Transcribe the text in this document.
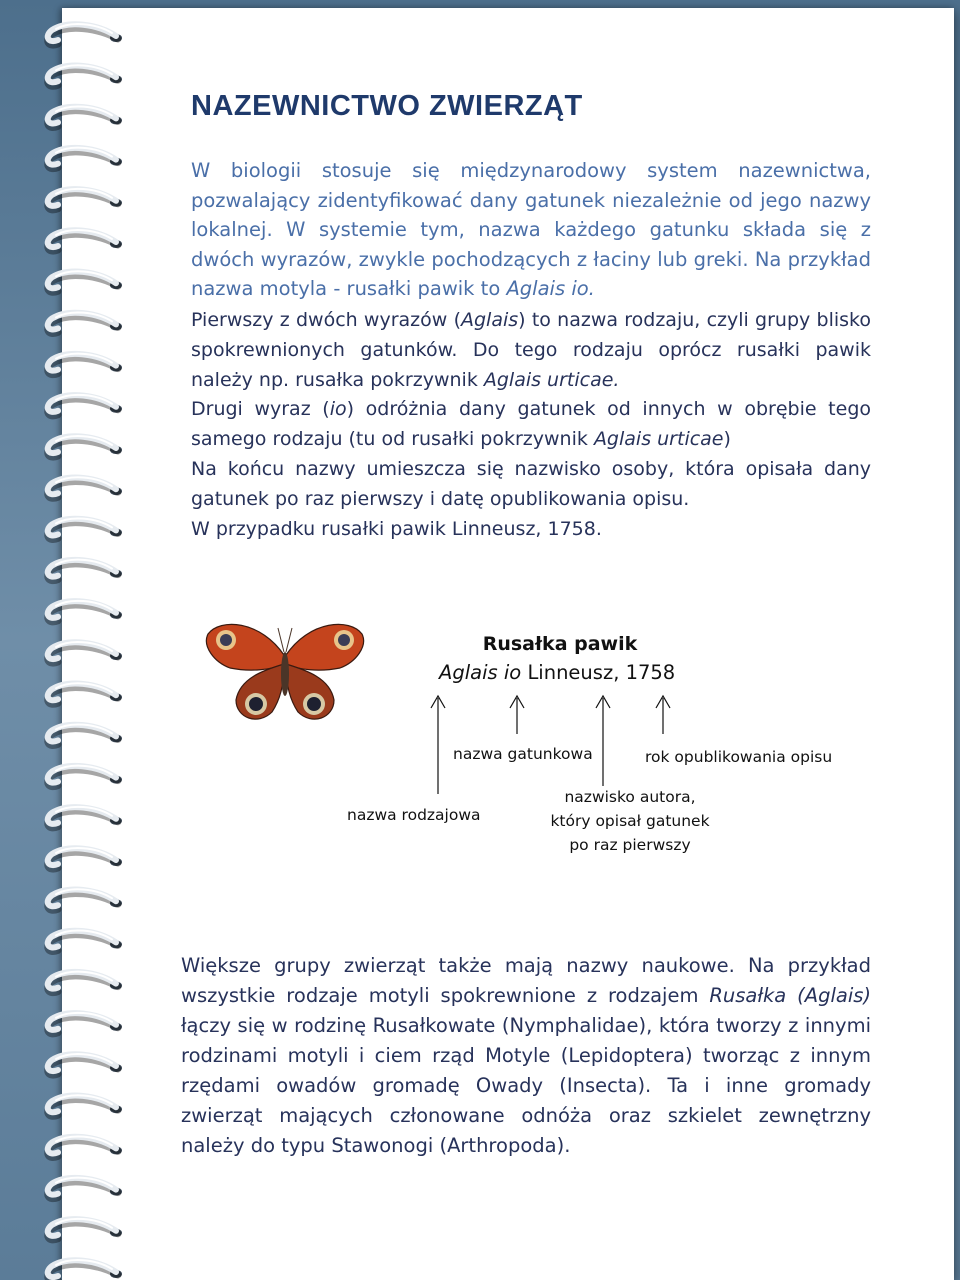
NAZEWNICTWO ZWIERZĄT

W biologii stosuje się międzynarodowy system nazewnictwa, pozwalający zidentyfikować dany gatunek niezależnie od jego nazwy lokalnej. W systemie tym, nazwa każdego gatunku składa się z dwóch wyrazów, zwykle pochodzących z łaciny lub greki. Na przykład nazwa motyla - rusałki pawik to Aglais io.

Pierwszy z dwóch wyrazów (Aglais) to nazwa rodzaju, czyli grupy blisko spokrewnionych gatunków. Do tego rodzaju oprócz rusałki pawik należy np. rusałka pokrzywnik Aglais urticae.

Drugi wyraz (io) odróżnia dany gatunek od innych w obrębie tego samego rodzaju (tu od rusałki pokrzywnik Aglais urticae)

Na końcu nazwy umieszcza się nazwisko osoby, która opisała dany gatunek po raz pierwszy i datę opublikowania opisu.

W przypadku rusałki pawik Linneusz, 1758.

Rusałka pawik
Aglais io Linneusz, 1758
nazwa gatunkowa	rok opublikowania opisu
nazwa rodzajowa
nazwisko autora,
który opisał gatunek
po raz pierwszy

Większe grupy zwierząt także mają nazwy naukowe. Na przykład wszystkie rodzaje motyli spokrewnione z rodzajem Rusałka (Aglais) łączy się w rodzinę Rusałkowate (Nymphalidae), która tworzy z innymi rodzinami motyli i ciem rząd Motyle (Lepidoptera) tworząc z innym rzędami owadów gromadę Owady (Insecta). Ta i inne gromady zwierząt mających członowane odnóża oraz szkielet zewnętrzny należy do typu Stawonogi (Arthropoda).
